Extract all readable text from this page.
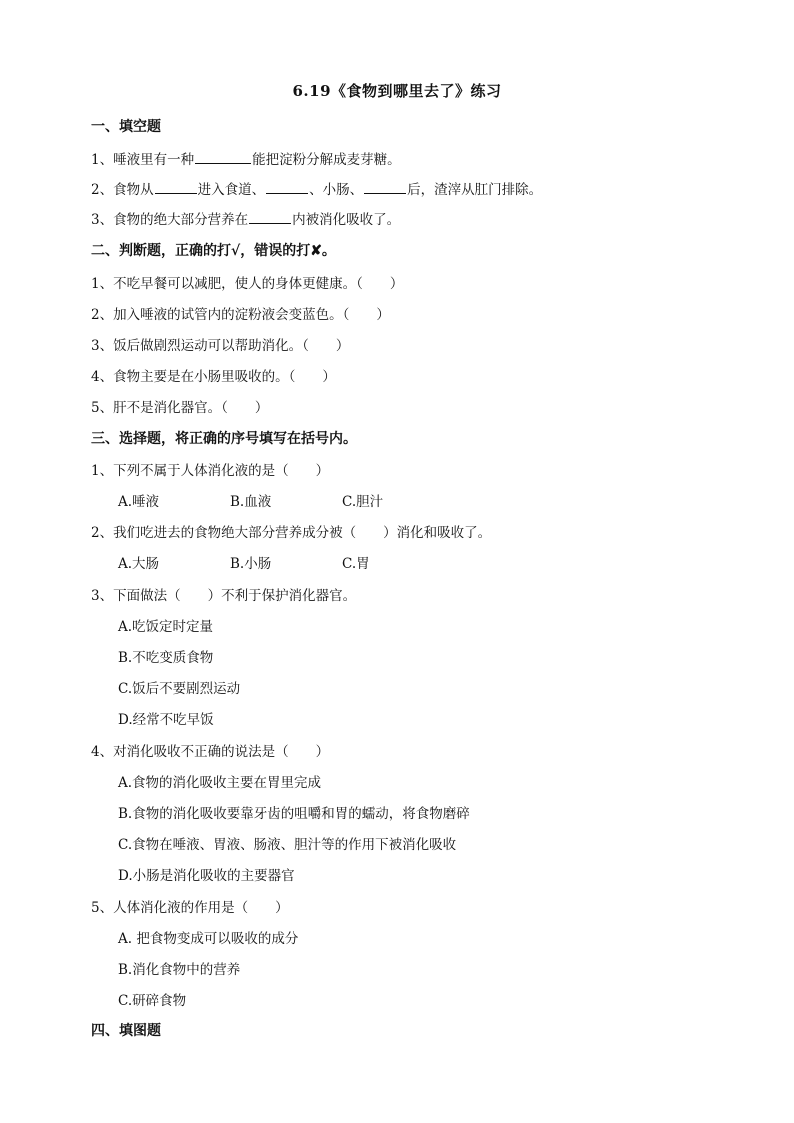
6.19《食物到哪里去了》练习
一、填空题
1、唾液里有一种	能把淀粉分解成麦芽糖。
2、食物从	进入食道、	、小肠、	后，渣滓从肛门排除。
3、食物的绝大部分营养在	内被消化吸收了。
二、判断题，正确的打√，错误的打✘。
1、不吃早餐可以减肥，使人的身体更健康。（　　）
2、加入唾液的试管内的淀粉液会变蓝色。（　　）
3、饭后做剧烈运动可以帮助消化。（　　）
4、食物主要是在小肠里吸收的。（　　）
5、肝不是消化器官。（　　）
三、选择题，将正确的序号填写在括号内。
1、下列不属于人体消化液的是（　　）
A.唾液	B.血液	C.胆汁
2、我们吃进去的食物绝大部分营养成分被（　　）消化和吸收了。
A.大肠	B.小肠	C.胃
3、下面做法（　　）不利于保护消化器官。
A.吃饭定时定量
B.不吃变质食物
C.饭后不要剧烈运动
D.经常不吃早饭
4、对消化吸收不正确的说法是（　　）
A.食物的消化吸收主要在胃里完成
B.食物的消化吸收要靠牙齿的咀嚼和胃的蠕动，将食物磨碎
C.食物在唾液、胃液、肠液、胆汁等的作用下被消化吸收
D.小肠是消化吸收的主要器官
5、人体消化液的作用是（　　）
A. 把食物变成可以吸收的成分
B.消化食物中的营养
C.研碎食物
四、填图题
